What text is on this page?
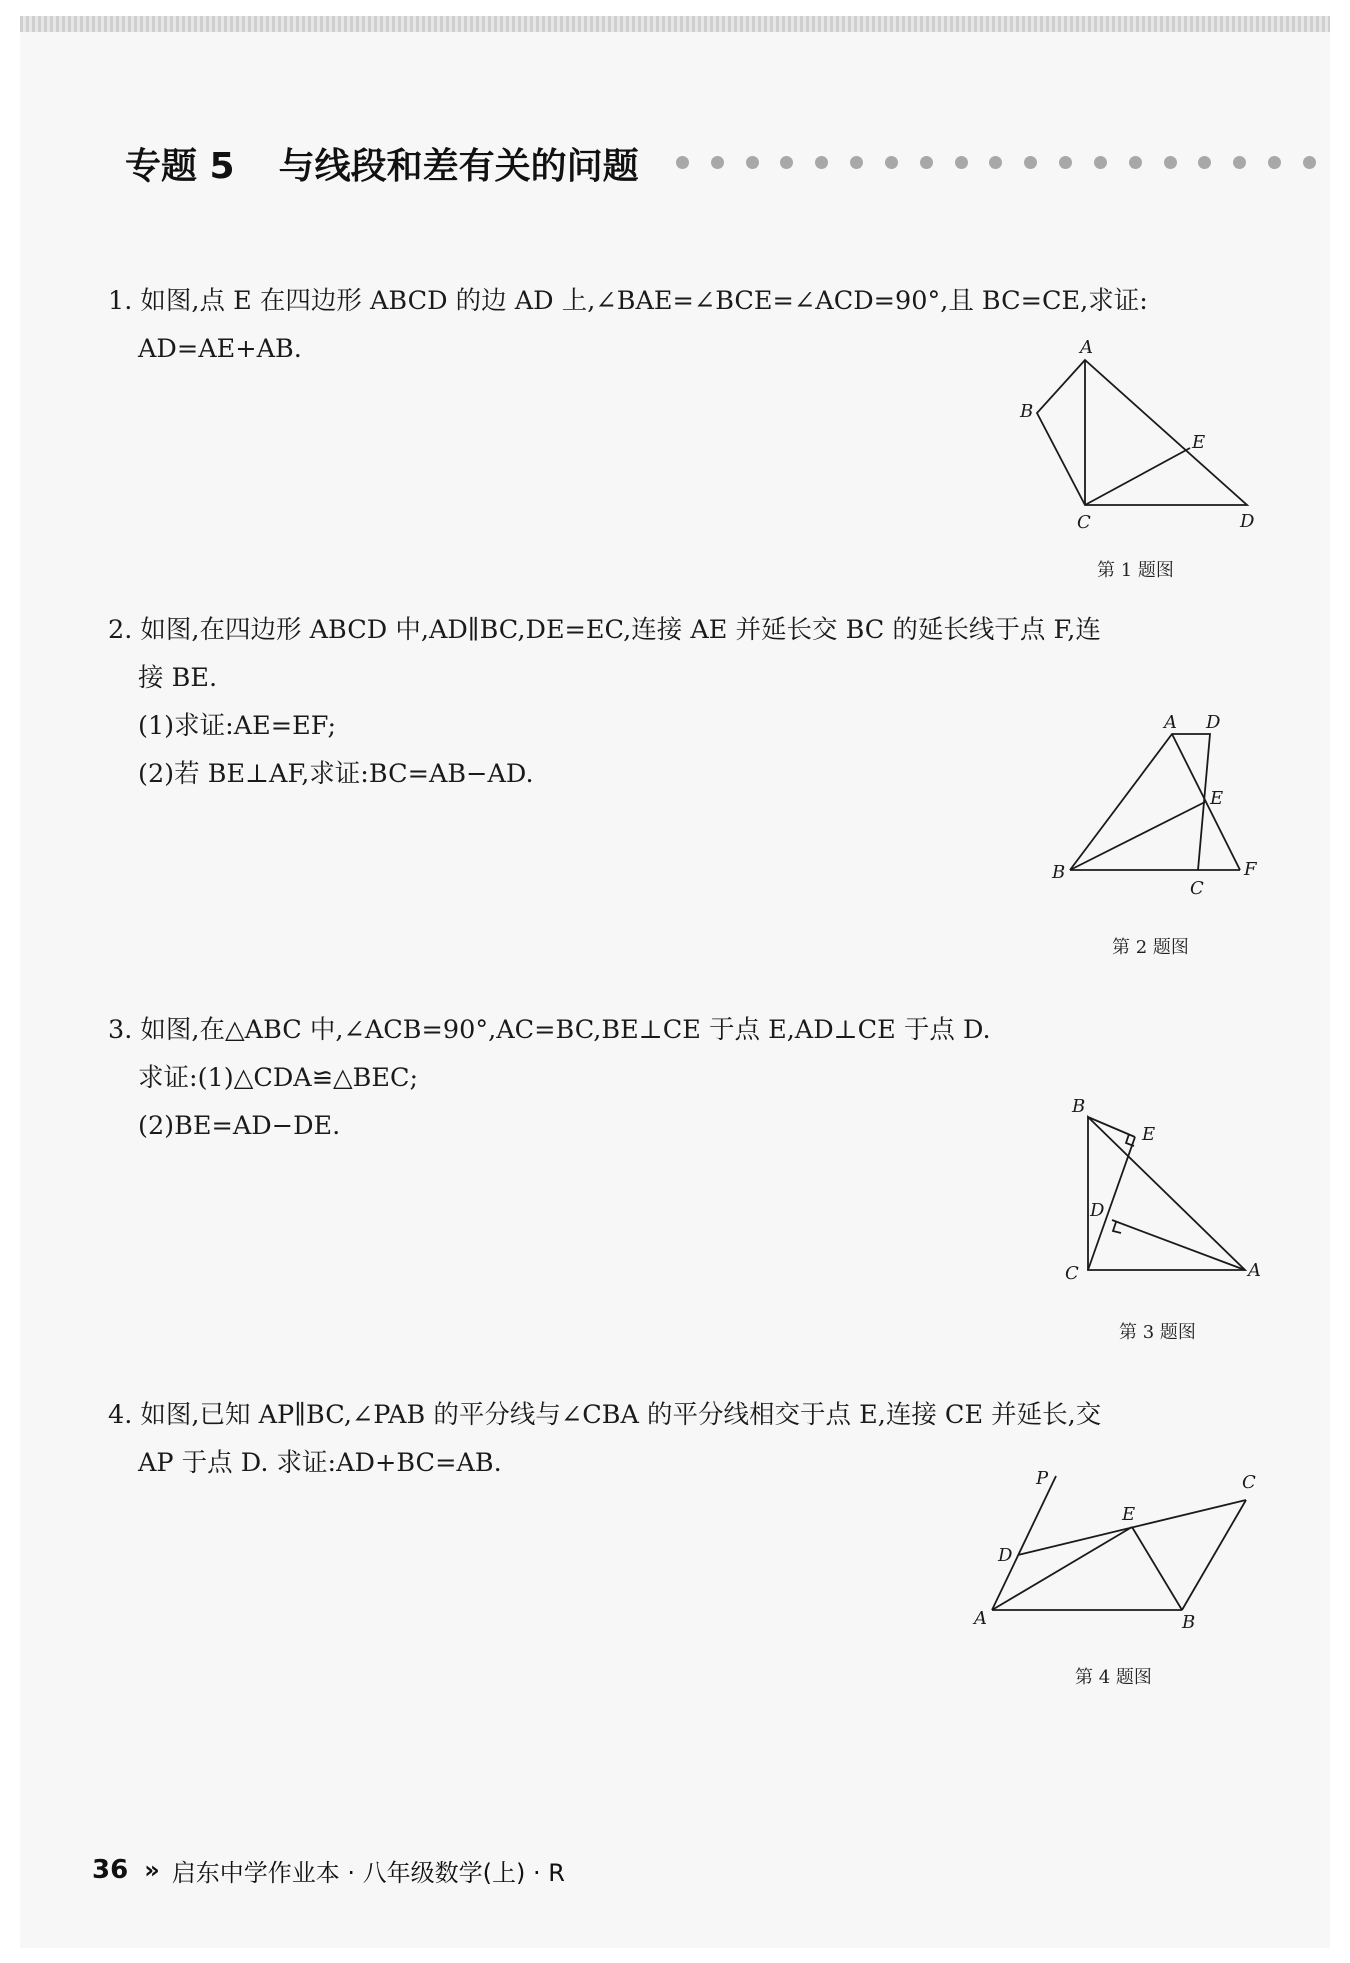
专题 5 与线段和差有关的问题
1. 如图,点 E 在四边形 ABCD 的边 AD 上,∠BAE=∠BCE=∠ACD=90°,且 BC=CE,求证:
AD=AE+AB.	A
B
C	D
E
第 1 题图
2. 如图,在四边形 ABCD 中,AD∥BC,DE=EC,连接 AE 并延长交 BC 的延长线于点 F,连
接 BE.
(1)求证:AE=EF;
(2)若 BE⊥AF,求证:BC=AB−AD.
A D
E
B
C
F
第 2 题图
3. 如图,在△ABC 中,∠ACB=90°,AC=BC,BE⊥CE 于点 E,AD⊥CE 于点 D.
求证:(1)△CDA≌△BEC;
(2)BE=AD−DE.
B
E
D
C	A
第 3 题图
4. 如图,已知 AP∥BC,∠PAB 的平分线与∠CBA 的平分线相交于点 E,连接 CE 并延长,交
AP 于点 D. 求证:AD+BC=AB.
P	C
E
D
A	B
第 4 题图
36 » 启东中学作业本 · 八年级数学(上) · R
